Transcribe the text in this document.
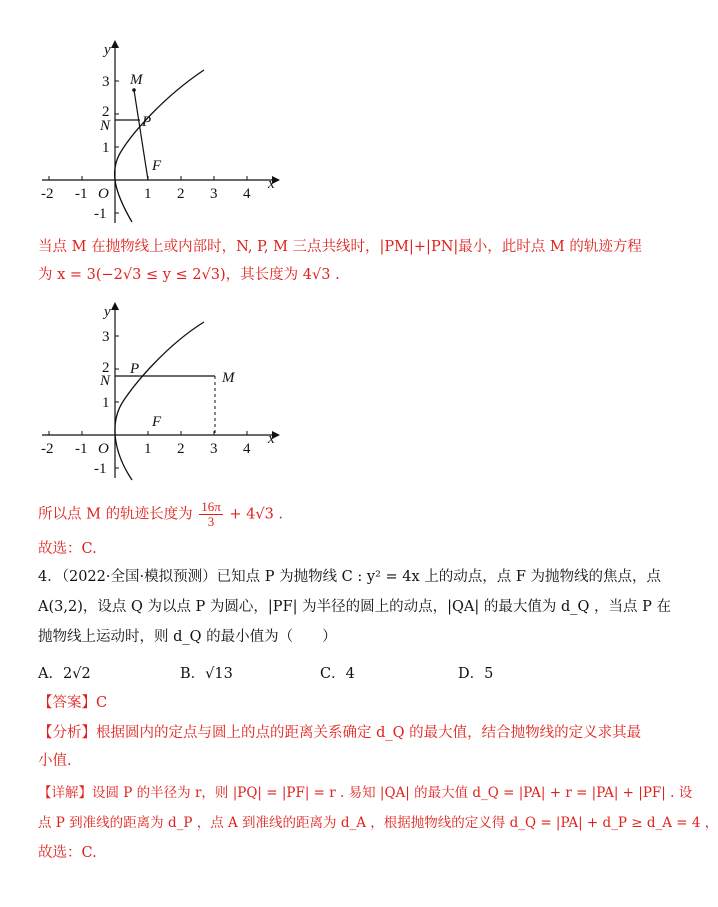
y
x
O
-2 -1	1 2 3 4
3
2
1
-1
M
N P
F
当点 M 在抛物线上或内部时，N, P, M 三点共线时，|PM|+|PN|最小，此时点 M 的轨迹方程
为 x = 3(−2√3 ≤ y ≤ 2√3)，其长度为 4√3 .
y
x
O
-2 -1	1 2 3 4
3
2
1
-1
M
N
P
F
所以点 M 的轨迹长度为 $\frac{16\pi}{3} + 4√3$ .
故选：C.
4．（2022·全国·模拟预测）已知点 P 为抛物线 C : y² = 4x 上的动点，点 F 为抛物线的焦点，点
A(3,2)，设点 Q 为以点 P 为圆心，|PF| 为半径的圆上的动点，|QA| 的最大值为 d_Q ，当点 P 在
抛物线上运动时，则 d_Q 的最小值为（　　）
A．2√2	B．√13	C．4	D．5
【答案】C
【分析】根据圆内的定点与圆上的点的距离关系确定 d_Q 的最大值，结合抛物线的定义求其最
小值.
【详解】设圆 P 的半径为 r，则 |PQ| = |PF| = r . 易知 |QA| 的最大值 d_Q = |PA| + r = |PA| + |PF| . 设
点 P 到准线的距离为 d_P ，点 A 到准线的距离为 d_A ，根据抛物线的定义得 d_Q = |PA| + d_P ≥ d_A = 4 ，
故选：C.
